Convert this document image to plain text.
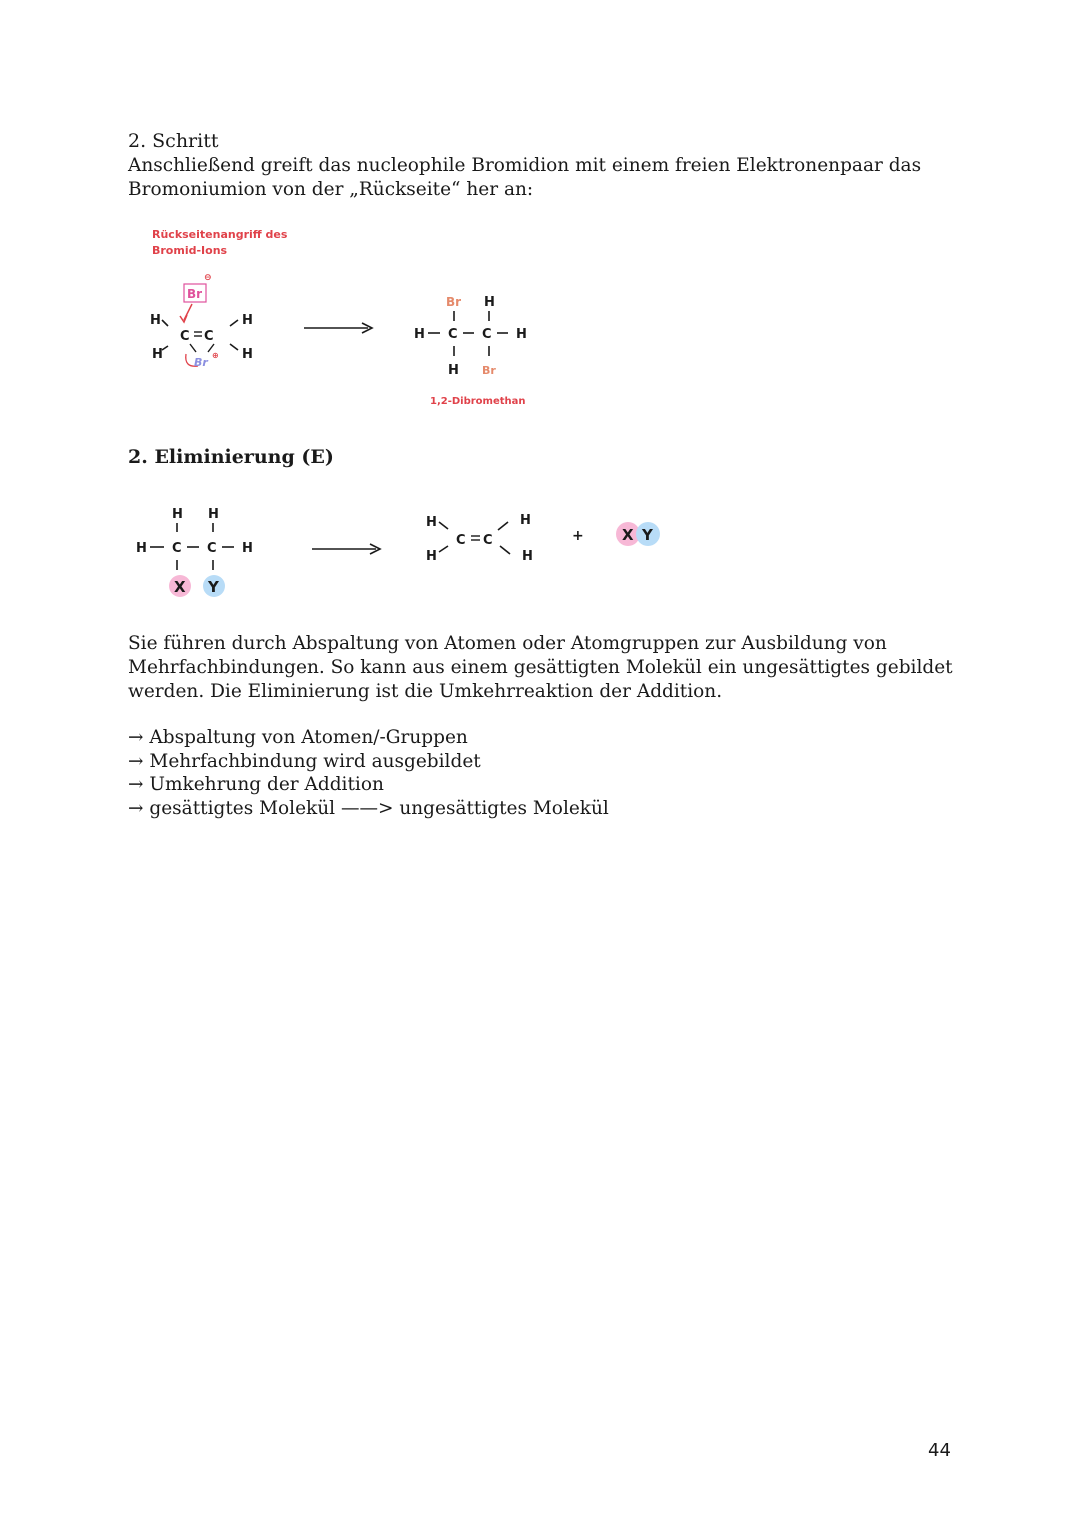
2. Schritt
Anschließend greift das nucleophile Bromidion mit einem freien Elektronenpaar das Bromoniumion von der „Rückseite“ her an:
Rückseitenangriff des
Bromid-Ions
Br
⊖
H
H
H
H
C C
Br
⊕
Br H
H C C H
H Br
1,2-Dibromethan
2. Eliminierung (E)
H H
H C C H
X Y
H
H
C C
H
H
+	X Y
Sie führen durch Abspaltung von Atomen oder Atomgruppen zur Ausbildung von Mehrfachbindungen. So kann aus einem gesättigten Molekül ein ungesättigtes gebildet werden. Die Eliminierung ist die Umkehrreaktion der Addition.
→ Abspaltung von Atomen/-Gruppen
→ Mehrfachbindung wird ausgebildet
→ Umkehrung der Addition
→ gesättigtes Molekül ——> ungesättigtes Molekül
44
